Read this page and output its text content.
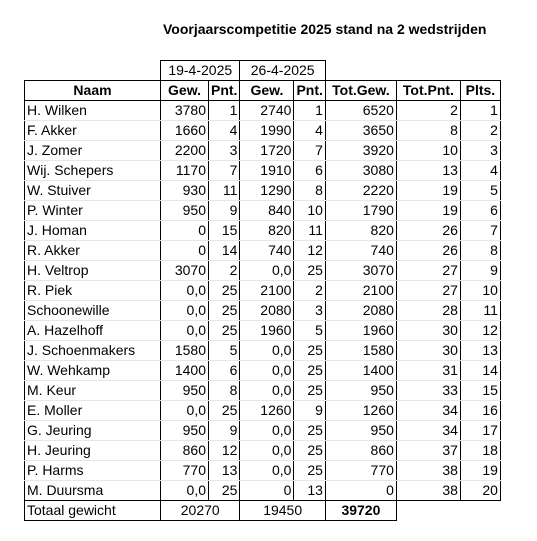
Voorjaarscompetitie 2025 stand na 2 wedstrijden
	19-4-2025		26-4-2025				
Naam	Gew.	Pnt.	Gew.	Pnt.	Tot.Gew.	Tot.Pnt.	Plts.
H. Wilken	3780	1	2740	1	6520	2	1
F. Akker	1660	4	1990	4	3650	8	2
J. Zomer	2200	3	1720	7	3920	10	3
Wij. Schepers	1170	7	1910	6	3080	13	4
W. Stuiver	930	11	1290	8	2220	19	5
P. Winter	950	9	840	10	1790	19	6
J. Homan	0	15	820	11	820	26	7
R. Akker	0	14	740	12	740	26	8
H. Veltrop	3070	2	0,0	25	3070	27	9
R. Piek	0,0	25	2100	2	2100	27	10
Schoonewille	0,0	25	2080	3	2080	28	11
A. Hazelhoff	0,0	25	1960	5	1960	30	12
J. Schoenmakers	1580	5	0,0	25	1580	30	13
W. Wehkamp	1400	6	0,0	25	1400	31	14
M. Keur	950	8	0,0	25	950	33	15
E. Moller	0,0	25	1260	9	1260	34	16
G. Jeuring	950	9	0,0	25	950	34	17
H. Jeuring	860	12	0,0	25	860	37	18
P. Harms	770	13	0,0	25	770	38	19
M. Duursma	0,0	25	0	13	0	38	20
Totaal gewicht	20270		19450		39720		
